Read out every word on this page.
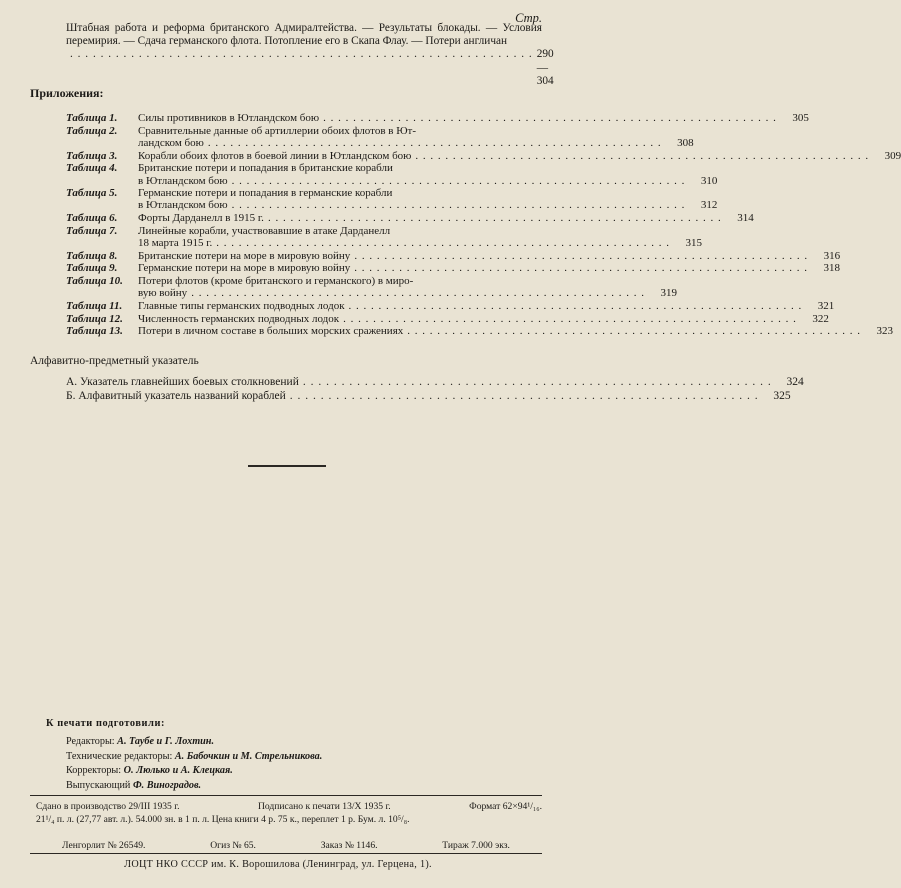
Стр.
Штабная работа и реформа британского Адмиралтейства. — Результаты блокады. — Условия перемирия. — Сдача германского флота. Потопление его в Скапа Флау. — Потери англичан
. . .
290—304
Приложения:
Таблица 1.	Силы противников в Ютландском бою . . .	305
Таблица 2.	Сравнительные данные об артиллерии обоих флотов в Ют-
ландском бою . . .	308
Таблица 3.	Корабли обоих флотов в боевой линии в Ютландском бою . . .	309
Таблица 4.	Британские потери и попадания в британские корабли
в Ютландском бою . . .	310
Таблица 5.	Германские потери и попадания в германские корабли
в Ютландском бою . . .	312
Таблица 6.	Форты Дарданелл в 1915 г. . . .	314
Таблица 7.	Линейные корабли, участвовавшие в атаке Дарданелл
18 марта 1915 г. . . .	315
Таблица 8.	Британские потери на море в мировую войну . . .	316
Таблица 9.	Германские потери на море в мировую войну . . .	318
Таблица 10.	Потери флотов (кроме британского и германского) в миро-
вую войну . . .	319
Таблица 11.	Главные типы германских подводных лодок . . .	321
Таблица 12.	Численность германских подводных лодок . . .	322
Таблица 13.	Потери в личном составе в больших морских сражениях . . .	323
Алфавитно-предметный указатель
А. Указатель главнейших боевых столкновений . . .	324
Б. Алфавитный указатель названий кораблей . . .	325
К печати подготовили:
Редакторы: А. Таубе и Г. Лохтин.
Технические редакторы: А. Бабочкин и М. Стрельникова.
Корректоры: О. Люлько и А. Клецкая.
Выпускающий Ф. Виноградов.
Сдано в производство 29/III 1935 г.	Подписано к печати 13/X 1935 г.	Формат 62×94¹/₁₆.
21¹/₄ п. л. (27,77 авт. л.). 54.000 зн. в 1 п. л. Цена книги 4 р. 75 к., переплет 1 р. Бум. л. 10⁵/₈.
Ленгорлит № 26549.	Огиз № 65.	Заказ № 1146.	Тираж 7.000 экз.
ЛОЦТ НКО СССР им. К. Ворошилова (Ленинград, ул. Герцена, 1).
